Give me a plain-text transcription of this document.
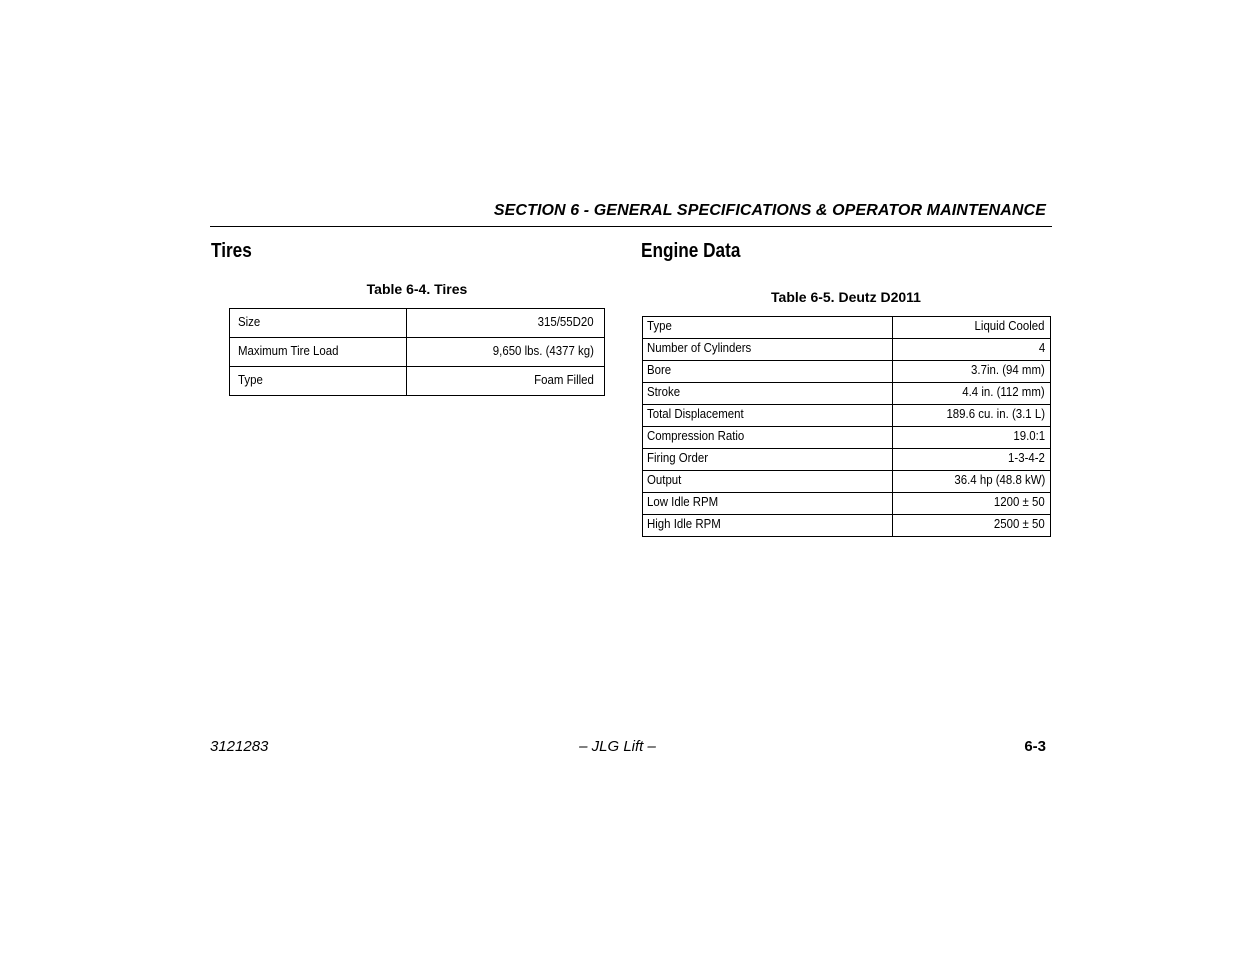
SECTION 6 - GENERAL SPECIFICATIONS & OPERATOR MAINTENANCE
Tires
Table 6-4. Tires
Size	315/55D20
Maximum Tire Load	9,650 lbs. (4377 kg)
Type	Foam Filled
Engine Data
Table 6-5. Deutz D2011
Type	Liquid Cooled
Number of Cylinders	4
Bore	3.7in. (94 mm)
Stroke	4.4 in. (112 mm)
Total Displacement	189.6 cu. in. (3.1 L)
Compression Ratio	19.0:1
Firing Order	1-3-4-2
Output	36.4 hp (48.8 kW)
Low Idle RPM	1200 ± 50
High Idle RPM	2500 ± 50
3121283	– JLG Lift –	6-3
